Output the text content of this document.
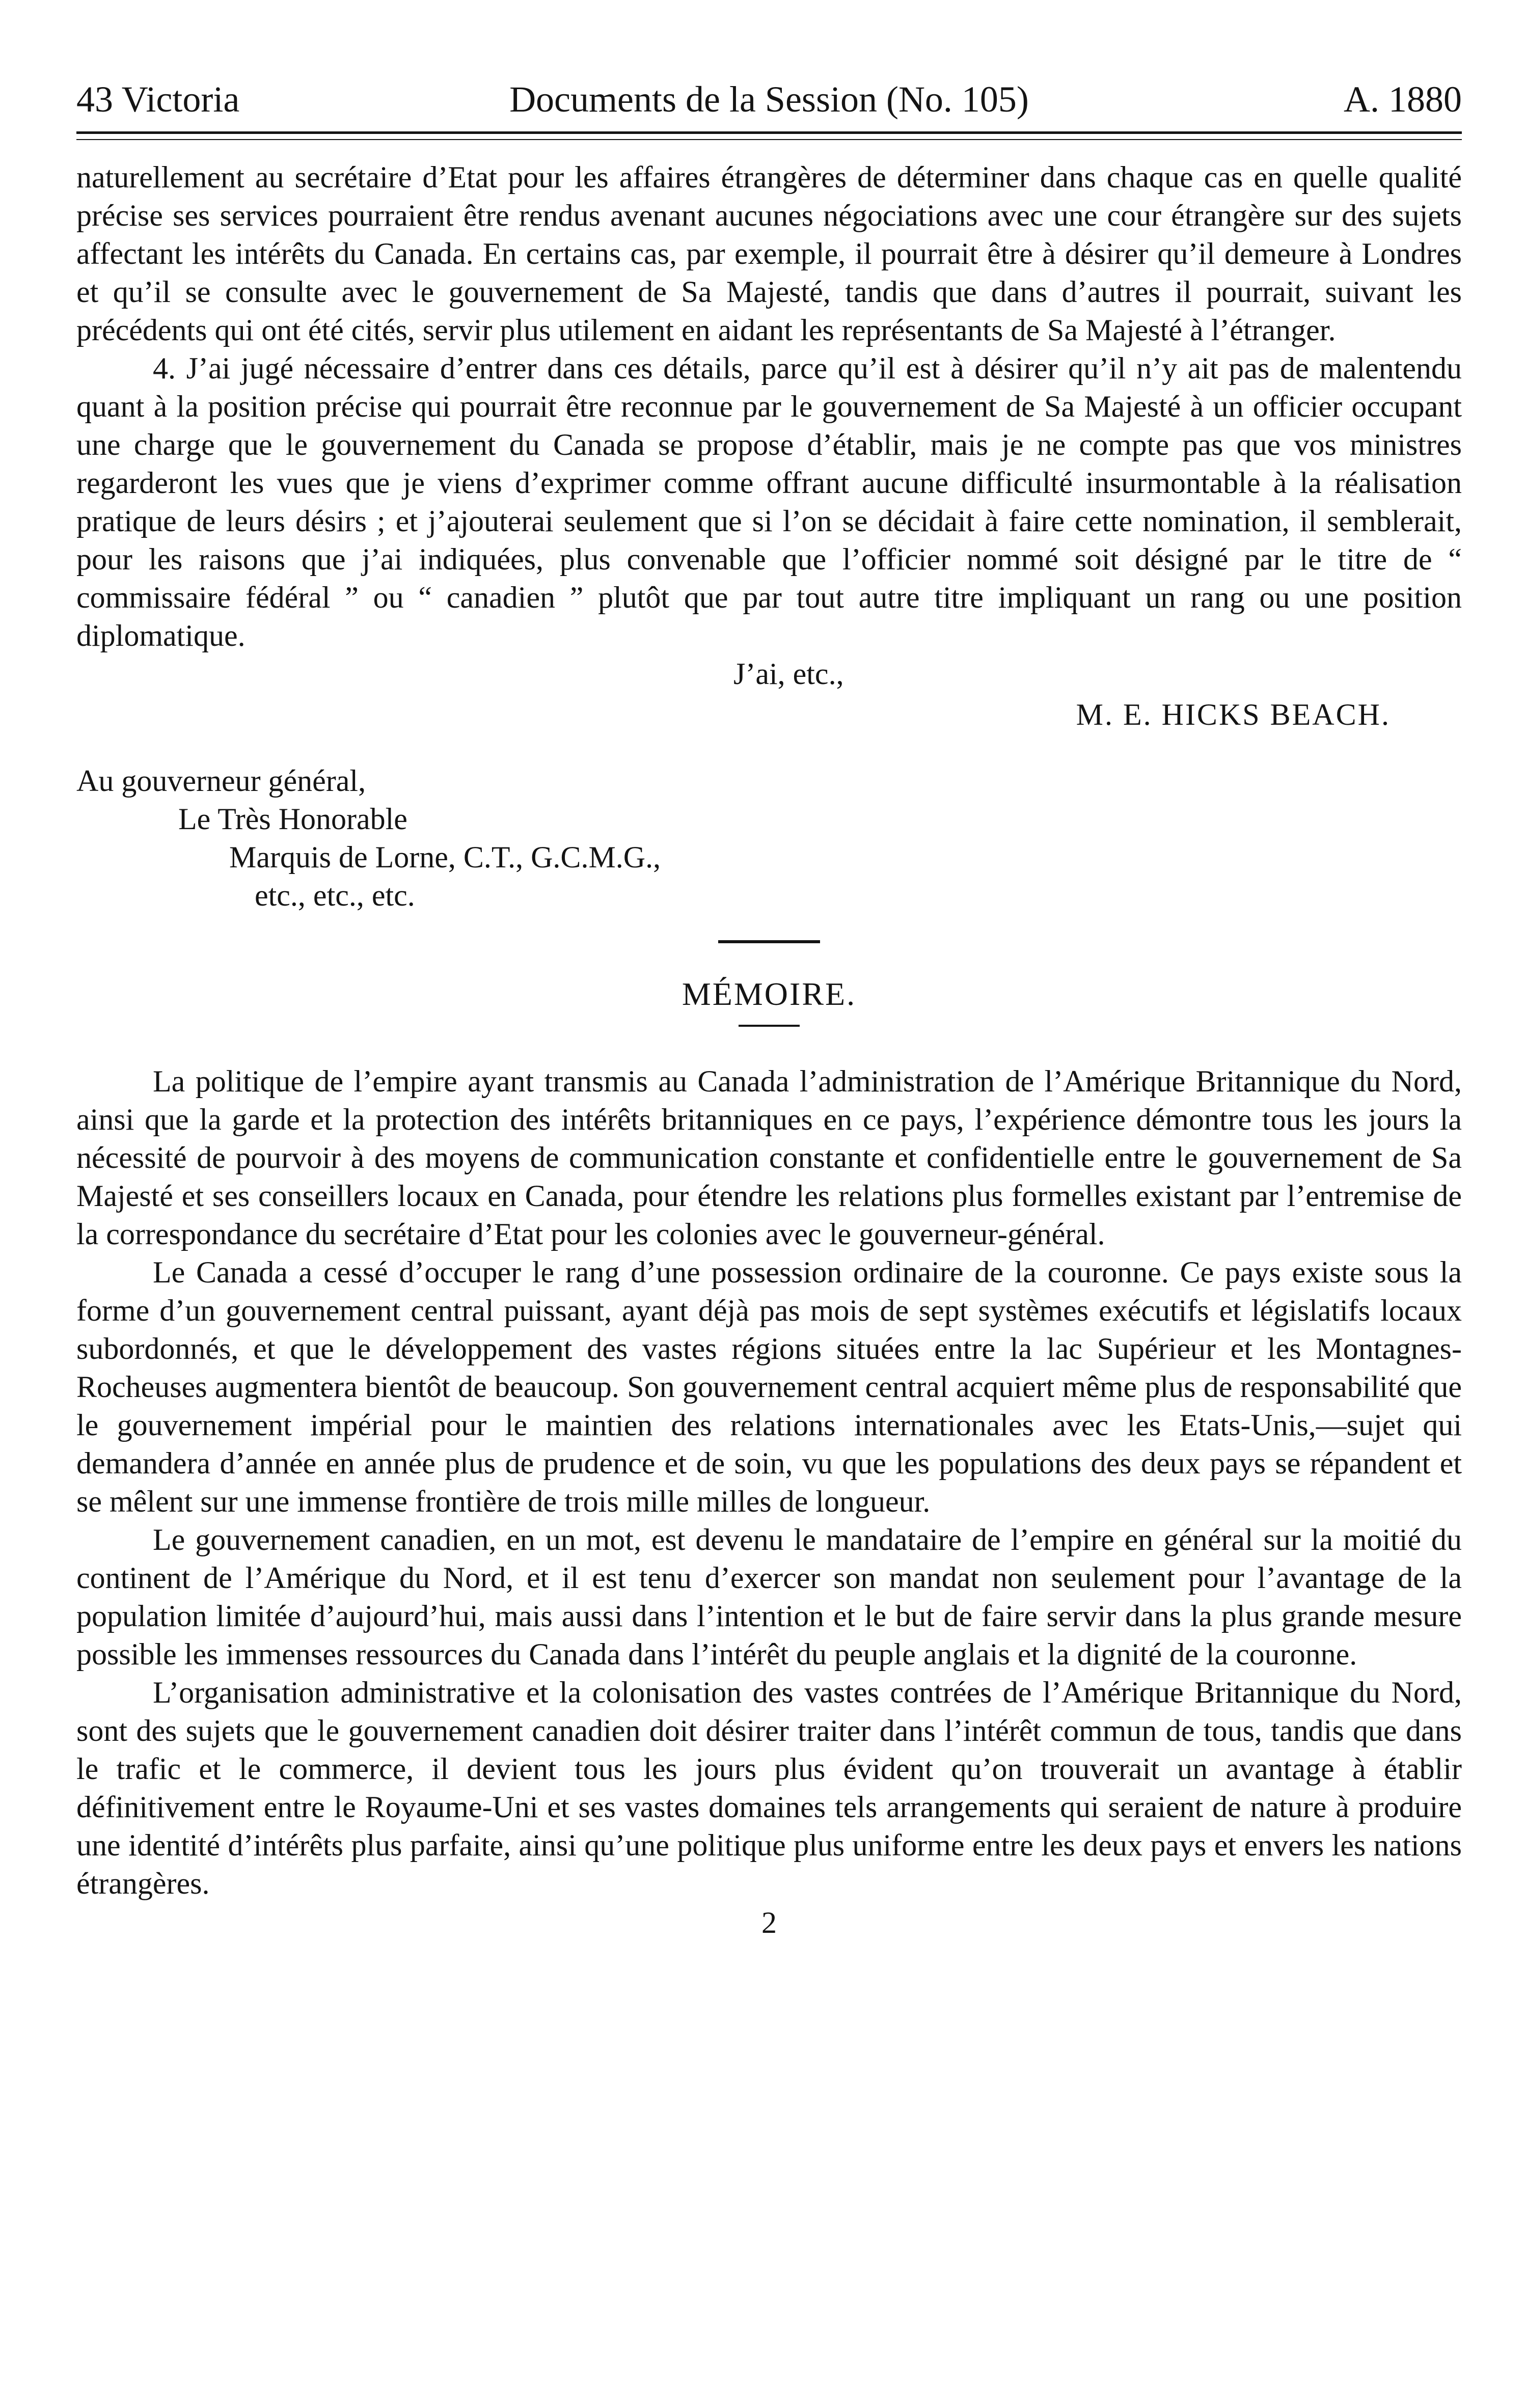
43 Victoria	Documents de la Session (No. 105)	A. 1880

naturellement au secrétaire d’Etat pour les affaires étrangères de déterminer dans chaque cas en quelle qualité précise ses services pourraient être rendus avenant aucunes négociations avec une cour étrangère sur des sujets affectant les intérêts du Canada. En certains cas, par exemple, il pourrait être à désirer qu’il demeure à Londres et qu’il se consulte avec le gouvernement de Sa Majesté, tandis que dans d’autres il pourrait, suivant les précédents qui ont été cités, servir plus utilement en aidant les représentants de Sa Majesté à l’étranger.

4. J’ai jugé nécessaire d’entrer dans ces détails, parce qu’il est à désirer qu’il n’y ait pas de malentendu quant à la position précise qui pourrait être reconnue par le gouvernement de Sa Majesté à un officier occupant une charge que le gouvernement du Canada se propose d’établir, mais je ne compte pas que vos ministres regarderont les vues que je viens d’exprimer comme offrant aucune difficulté insurmontable à la réalisation pratique de leurs désirs ; et j’ajouterai seulement que si l’on se décidait à faire cette nomination, il semblerait, pour les raisons que j’ai indiquées, plus convenable que l’officier nommé soit désigné par le titre de “ commissaire fédéral ” ou “ canadien ” plutôt que par tout autre titre impliquant un rang ou une position diplomatique.

J’ai, etc.,
M. E. HICKS BEACH.
Au gouverneur général,
Le Très Honorable
Marquis de Lorne, C.T., G.C.M.G.,
etc., etc., etc.
MÉMOIRE.

La politique de l’empire ayant transmis au Canada l’administration de l’Amérique Britannique du Nord, ainsi que la garde et la protection des intérêts britanniques en ce pays, l’expérience démontre tous les jours la nécessité de pourvoir à des moyens de communication constante et confidentielle entre le gouvernement de Sa Majesté et ses conseillers locaux en Canada, pour étendre les relations plus formelles existant par l’entremise de la correspondance du secrétaire d’Etat pour les colonies avec le gouverneur-général.

Le Canada a cessé d’occuper le rang d’une possession ordinaire de la couronne. Ce pays existe sous la forme d’un gouvernement central puissant, ayant déjà pas mois de sept systèmes exécutifs et législatifs locaux subordonnés, et que le développement des vastes régions situées entre la lac Supérieur et les Montagnes-Rocheuses augmentera bientôt de beaucoup. Son gouvernement central acquiert même plus de responsabilité que le gouvernement impérial pour le maintien des relations internationales avec les Etats-Unis,—sujet qui demandera d’année en année plus de prudence et de soin, vu que les populations des deux pays se répandent et se mêlent sur une immense frontière de trois mille milles de longueur.

Le gouvernement canadien, en un mot, est devenu le mandataire de l’empire en général sur la moitié du continent de l’Amérique du Nord, et il est tenu d’exercer son mandat non seulement pour l’avantage de la population limitée d’aujourd’hui, mais aussi dans l’intention et le but de faire servir dans la plus grande mesure possible les immenses ressources du Canada dans l’intérêt du peuple anglais et la dignité de la couronne.

L’organisation administrative et la colonisation des vastes contrées de l’Amérique Britannique du Nord, sont des sujets que le gouvernement canadien doit désirer traiter dans l’intérêt commun de tous, tandis que dans le trafic et le commerce, il devient tous les jours plus évident qu’on trouverait un avantage à établir définitivement entre le Royaume-Uni et ses vastes domaines tels arrangements qui seraient de nature à produire une identité d’intérêts plus parfaite, ainsi qu’une politique plus uniforme entre les deux pays et envers les nations étrangères.

2
